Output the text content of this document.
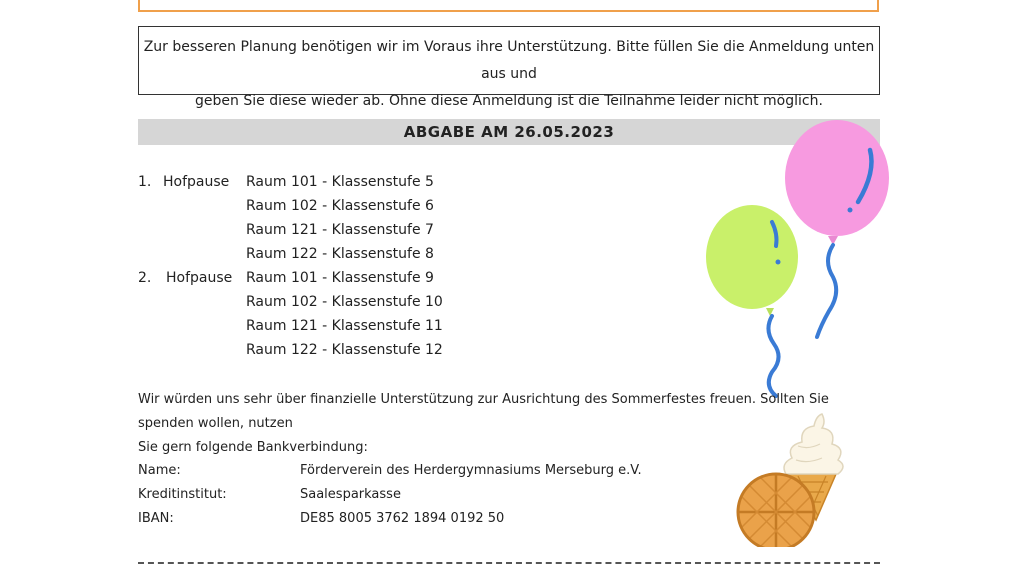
Zur besseren Planung benötigen wir im Voraus ihre Unterstützung. Bitte füllen Sie die Anmeldung unten aus und
geben Sie diese wieder ab. Ohne diese Anmeldung ist die Teilnahme leider nicht möglich.
ABGABE AM 26.05.2023
1. Hofpause Raum 101 - Klassenstufe 5
Raum 102 - Klassenstufe 6
Raum 121 - Klassenstufe 7
Raum 122 - Klassenstufe 8
2. Hofpause Raum 101 - Klassenstufe 9
Raum 102 - Klassenstufe 10
Raum 121 - Klassenstufe 11
Raum 122 - Klassenstufe 12
Wir würden uns sehr über finanzielle Unterstützung zur Ausrichtung des Sommerfestes freuen. Sollten Sie spenden wollen, nutzen
Sie gern folgende Bankverbindung:
Name:	Förderverein des Herdergymnasiums Merseburg e.V.
Kreditinstitut:	Saalesparkasse
IBAN:	DE85 8005 3762 1894 0192 50
